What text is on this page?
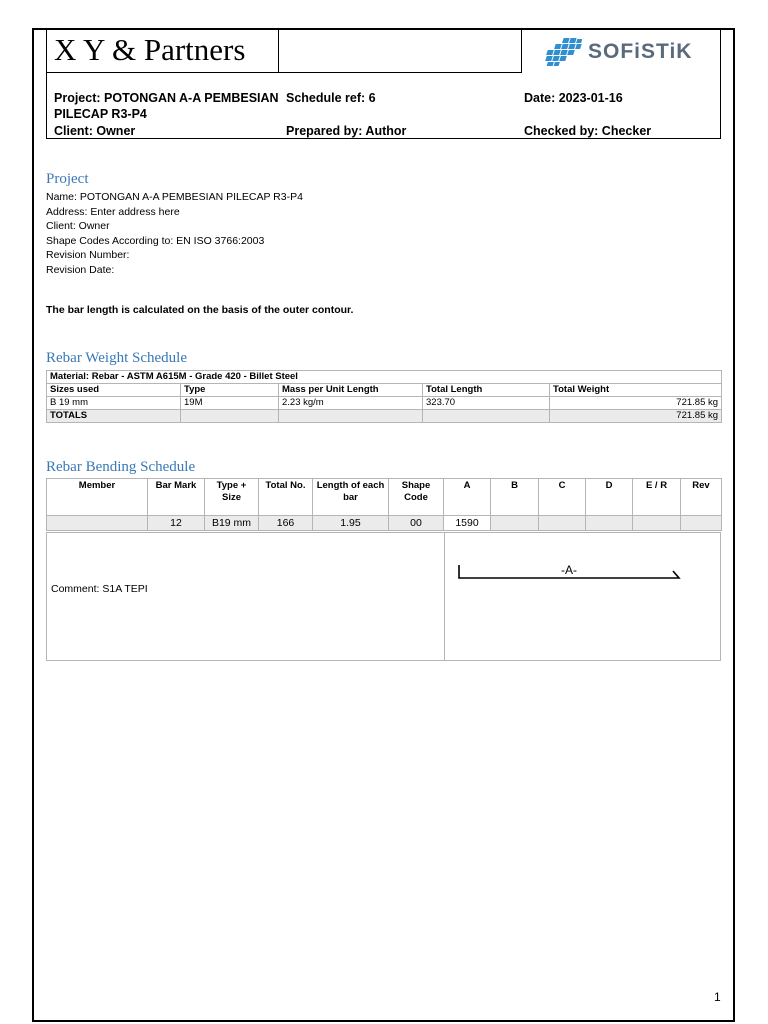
X Y & Partners	SOFiSTiK
Project: POTONGAN A-A PEMBESIAN
PILECAP R3-P4
Schedule ref: 6	Date: 2023-01-16
Client: Owner	Prepared by: Author	Checked by: Checker
Project
Name: POTONGAN A-A PEMBESIAN PILECAP R3-P4
Address: Enter address here
Client: Owner
Shape Codes According to: EN ISO 3766:2003
Revision Number:
Revision Date:
The bar length is calculated on the basis of the outer contour.
Rebar Weight Schedule
Material: Rebar - ASTM A615M - Grade 420 - Billet Steel				
Sizes used	Type	Mass per Unit Length	Total Length	Total Weight
B 19 mm	19M	2.23 kg/m	323.70	721.85 kg
TOTALS				721.85 kg
Rebar Bending Schedule
Member	Bar Mark	Type + Size	Total No.	Length of each bar	Shape Code	A	B	C	D	E / R	Rev
	12	B19 mm	166	1.95	00	1590					
Comment: S1A TEPI
-A-
1
